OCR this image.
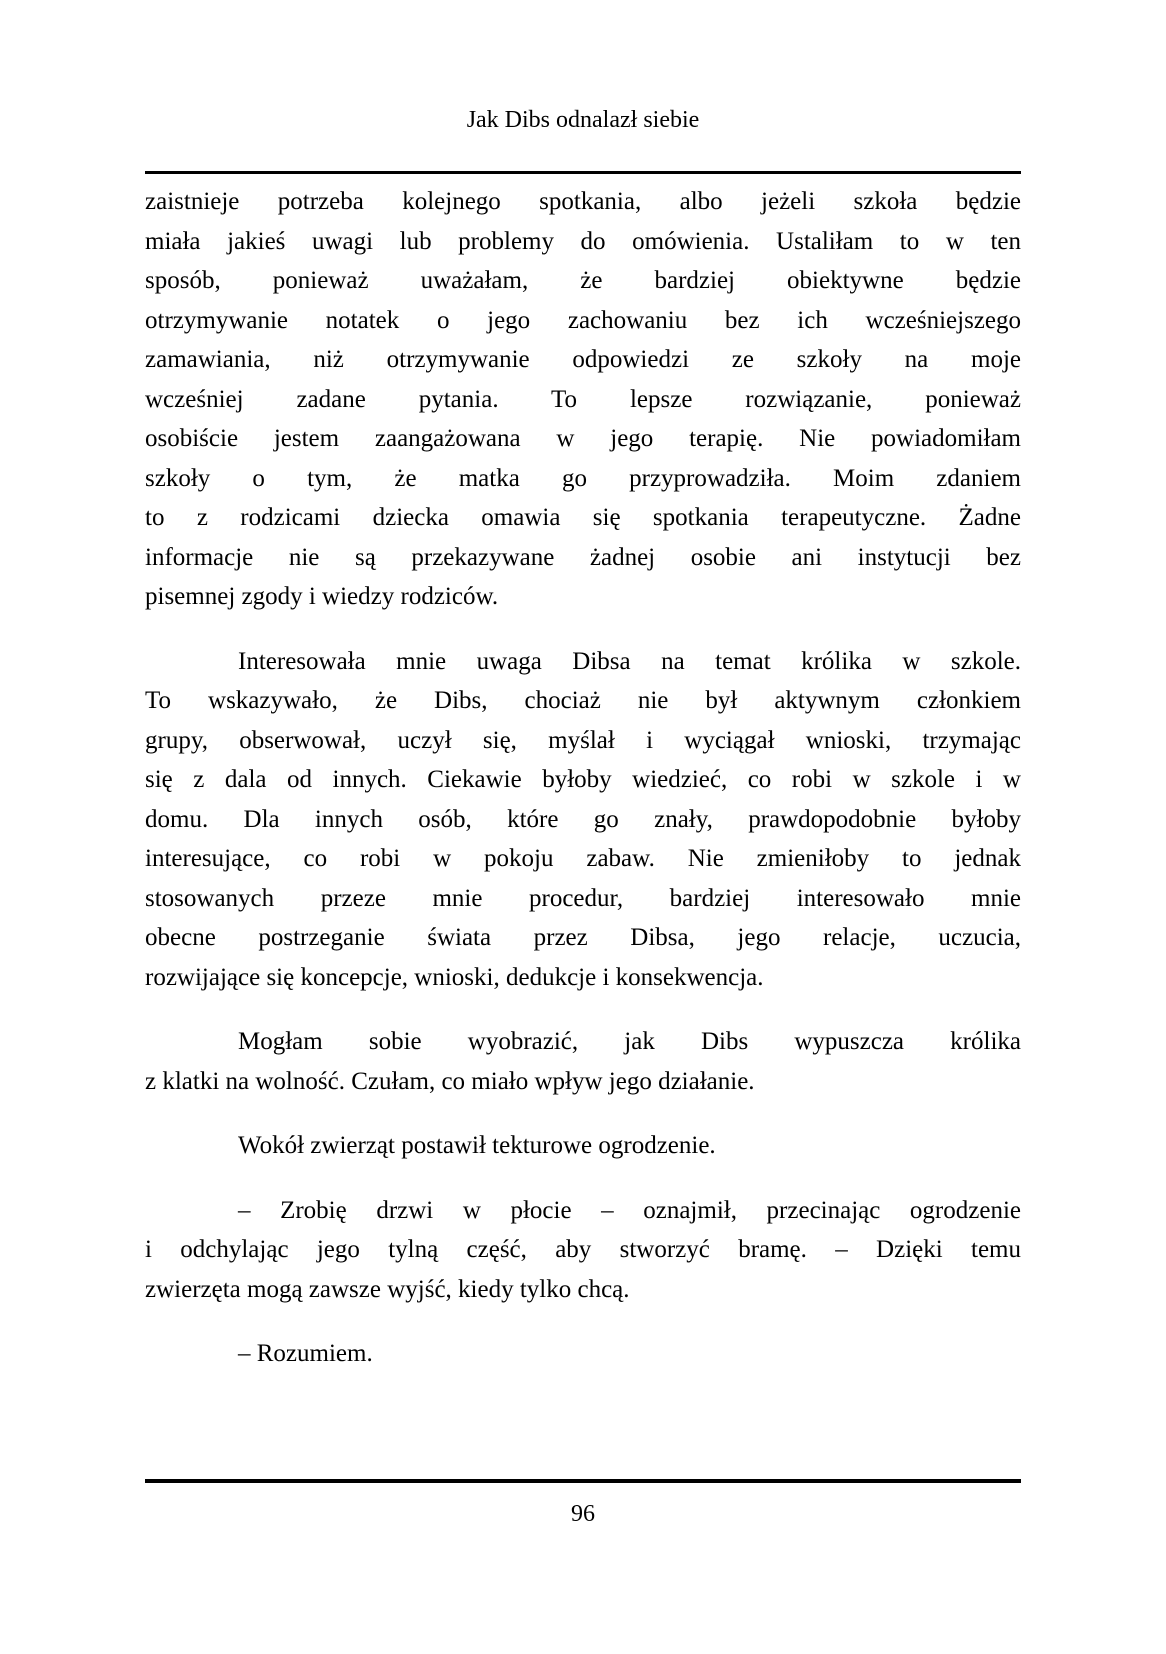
Jak Dibs odnalazł siebie
zaistnieje potrzeba kolejnego spotkania, albo jeżeli szkoła będzie
miała jakieś uwagi lub problemy do omówienia. Ustaliłam to w ten
sposób, ponieważ uważałam, że bardziej obiektywne będzie
otrzymywanie notatek o jego zachowaniu bez ich wcześniejszego
zamawiania, niż otrzymywanie odpowiedzi ze szkoły na moje
wcześniej zadane pytania. To lepsze rozwiązanie, ponieważ
osobiście jestem zaangażowana w jego terapię. Nie powiadomiłam
szkoły o tym, że matka go przyprowadziła. Moim zdaniem
to z rodzicami dziecka omawia się spotkania terapeutyczne. Żadne
informacje nie są przekazywane żadnej osobie ani instytucji bez
pisemnej zgody i wiedzy rodziców.
Interesowała mnie uwaga Dibsa na temat królika w szkole.
To wskazywało, że Dibs, chociaż nie był aktywnym członkiem
grupy, obserwował, uczył się, myślał i wyciągał wnioski, trzymając
się z dala od innych. Ciekawie byłoby wiedzieć, co robi w szkole i w
domu. Dla innych osób, które go znały, prawdopodobnie byłoby
interesujące, co robi w pokoju zabaw. Nie zmieniłoby to jednak
stosowanych przeze mnie procedur, bardziej interesowało mnie
obecne postrzeganie świata przez Dibsa, jego relacje, uczucia,
rozwijające się koncepcje, wnioski, dedukcje i konsekwencja.
Mogłam sobie wyobrazić, jak Dibs wypuszcza królika
z klatki na wolność. Czułam, co miało wpływ jego działanie.
Wokół zwierząt postawił tekturowe ogrodzenie.
– Zrobię drzwi w płocie – oznajmił, przecinając ogrodzenie
i odchylając jego tylną część, aby stworzyć bramę. – Dzięki temu
zwierzęta mogą zawsze wyjść, kiedy tylko chcą.
– Rozumiem.
96
